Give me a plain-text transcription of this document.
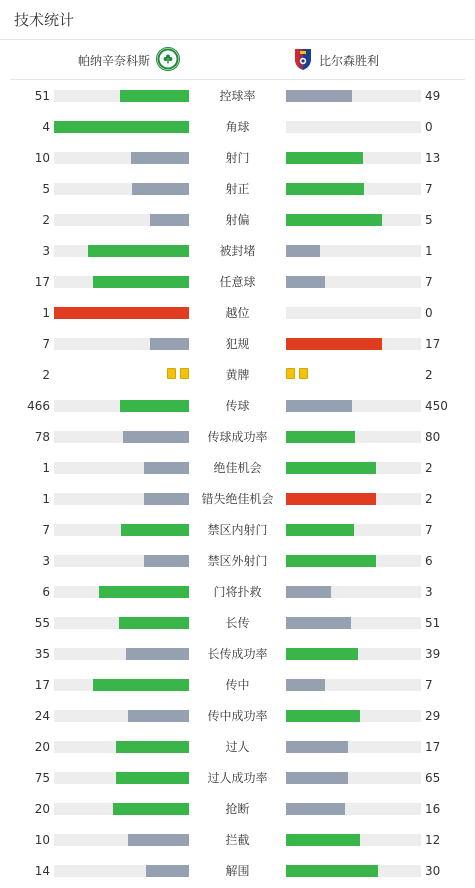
技术统计
帕纳辛奈科斯	比尔森胜利
51	控球率	49
4	角球	0
10	射门	13
5	射正	7
2	射偏	5
3	被封堵	1
17	任意球	7
1	越位	0
7	犯规	17
2	黄牌	2
466	传球	450
78	传球成功率	80
1	绝佳机会	2
1	错失绝佳机会	2
7	禁区内射门	7
3	禁区外射门	6
6	门将扑救	3
55	长传	51
35	长传成功率	39
17	传中	7
24	传中成功率	29
20	过人	17
75	过人成功率	65
20	抢断	16
10	拦截	12
14	解围	30
